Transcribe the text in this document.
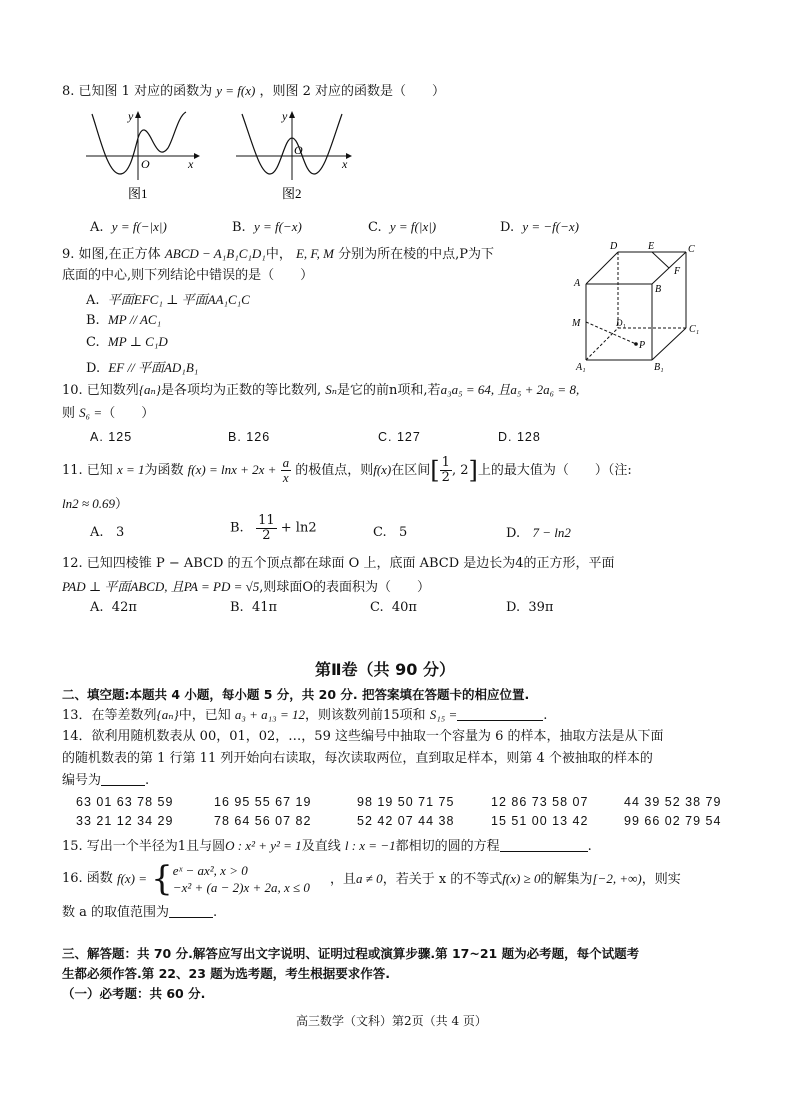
8. 已知图 1 对应的函数为 y = f(x) ，则图 2 对应的函数是（　　）
y
O	x
图1
y
O
x
图2
A. y = f(−|x|)	B. y = f(−x)	C. y = f(|x|)	D. y = −f(−x)
9. 如图,在正方体 ABCD − A₁B₁C₁D₁中， E, F, M 分别为所在棱的中点,P为下
底面的中心,则下列结论中错误的是（　　）
A. 平面EFC₁ ⊥ 平面AA₁C₁C
B. MP // AC₁
C. MP ⊥ C₁D
D. EF // 平面AD₁B₁
D	E	C
F
A
B
M	D₁
C₁
P
A₁	B₁
10. 已知数列{aₙ}是各项均为正数的等比数列, Sₙ是它的前n项和,若a₃a₅ = 64, 且a₅ + 2a₆ = 8,
则 S₆ =（　　）
A. 125	B. 126	C. 127	D. 128
11. 已知 x = 1为函数 $f(x) = \ln x + 2x + \frac{a}{x}$ 的极值点，则f(x)在区间[ $\frac{1}{2}$ , 2]上的最大值为（　　）（注:
ln2 ≈ 0.69）
A. 3	B. $\frac{11}{2} + \ln 2$	C. 5	D. 7 − ln2
12. 已知四棱锥 P − ABCD 的五个顶点都在球面 O 上，底面 ABCD 是边长为4的正方形，平面
PAD ⊥ 平面ABCD, 且PA = PD = √5,则球面O的表面积为（　　）
A. 42π	B. 41π	C. 40π	D. 39π
第Ⅱ卷（共 90 分）
二、填空题:本题共 4 小题，每小题 5 分，共 20 分. 把答案填在答题卡的相应位置.
13．在等差数列{aₙ}中，已知 a₃ + a₁₃ = 12，则该数列前15项和 S₁₅ =	.
14．欲利用随机数表从 00，01，02，…，59 这些编号中抽取一个容量为 6 的样本，抽取方法是从下面
的随机数表的第 1 行第 11 列开始向右读取，每次读取两位，直到取足样本，则第 4 个被抽取的样本的
编号为	.
63 01 63 78 59	16 95 55 67 19	98 19 50 71 75	12 86 73 58 07	44 39 52 38 79
33 21 12 34 29	78 64 56 07 82	52 42 07 44 38	15 51 00 13 42	99 66 02 79 54
15. 写出一个半径为1且与圆O : x² + y² = 1及直线 l : x = −1都相切的圆的方程	.
16. 函数 f(x) = { eˣ − ax², x > 0
−x² + (a − 2)x + 2a, x ≤ 0
，且a ≠ 0，若关于 x 的不等式f(x) ≥ 0的解集为[−2, +∞)，则实
数 a 的取值范围为	.
三、解答题：共 70 分.解答应写出文字说明、证明过程或演算步骤.第 17~21 题为必考题，每个试题考
生都必须作答.第 22、23 题为选考题，考生根据要求作答.
（一）必考题：共 60 分.
高三数学（文科）第2页（共 4 页）
